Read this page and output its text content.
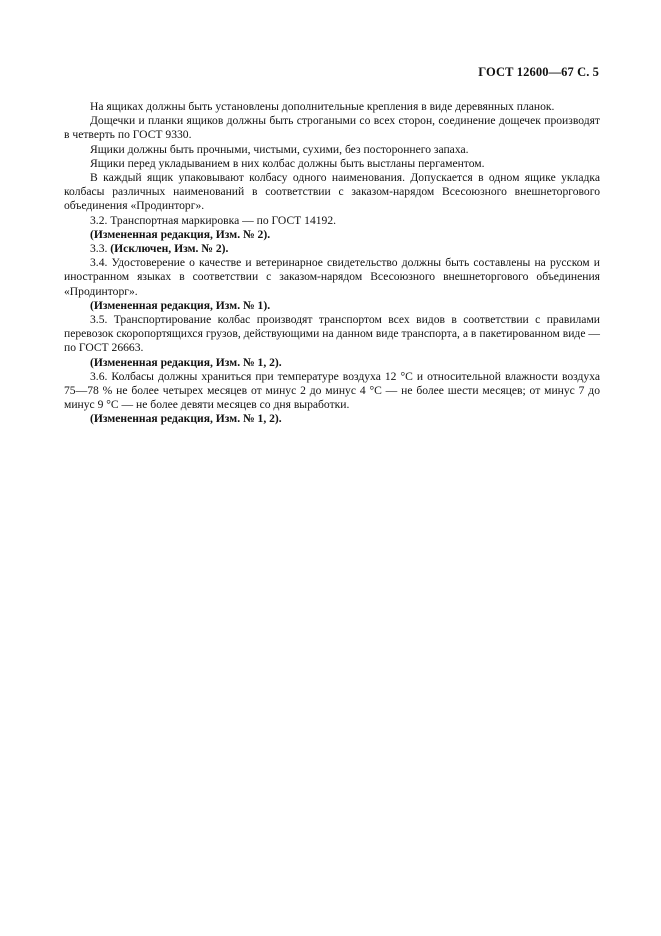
ГОСТ 12600—67 С. 5

На ящиках должны быть установлены дополнительные крепления в виде деревянных планок.

Дощечки и планки ящиков должны быть строгаными со всех сторон, соединение дощечек производят в четверть по ГОСТ 9330.

Ящики должны быть прочными, чистыми, сухими, без постороннего запаха.

Ящики перед укладыванием в них колбас должны быть выстланы пергаментом.

В каждый ящик упаковывают колбасу одного наименования. Допускается в одном ящике укладка колбасы различных наименований в соответствии с заказом-нарядом Всесоюзного внешнеторгового объединения «Продинторг».

3.2. Транспортная маркировка — по ГОСТ 14192.

(Измененная редакция, Изм. № 2).

3.3. (Исключен, Изм. № 2).

3.4. Удостоверение о качестве и ветеринарное свидетельство должны быть составлены на русском и иностранном языках в соответствии с заказом-нарядом Всесоюзного внешнеторгового объединения «Продинторг».

(Измененная редакция, Изм. № 1).

3.5. Транспортирование колбас производят транспортом всех видов в соответствии с правилами перевозок скоропортящихся грузов, действующими на данном виде транспорта, а в пакетированном виде — по ГОСТ 26663.

(Измененная редакция, Изм. № 1, 2).

3.6. Колбасы должны храниться при температуре воздуха 12 °С и относительной влажности воздуха 75—78 % не более четырех месяцев от минус 2 до минус 4 °С — не более шести месяцев; от минус 7 до минус 9 °С — не более девяти месяцев со дня выработки.

(Измененная редакция, Изм. № 1, 2).
